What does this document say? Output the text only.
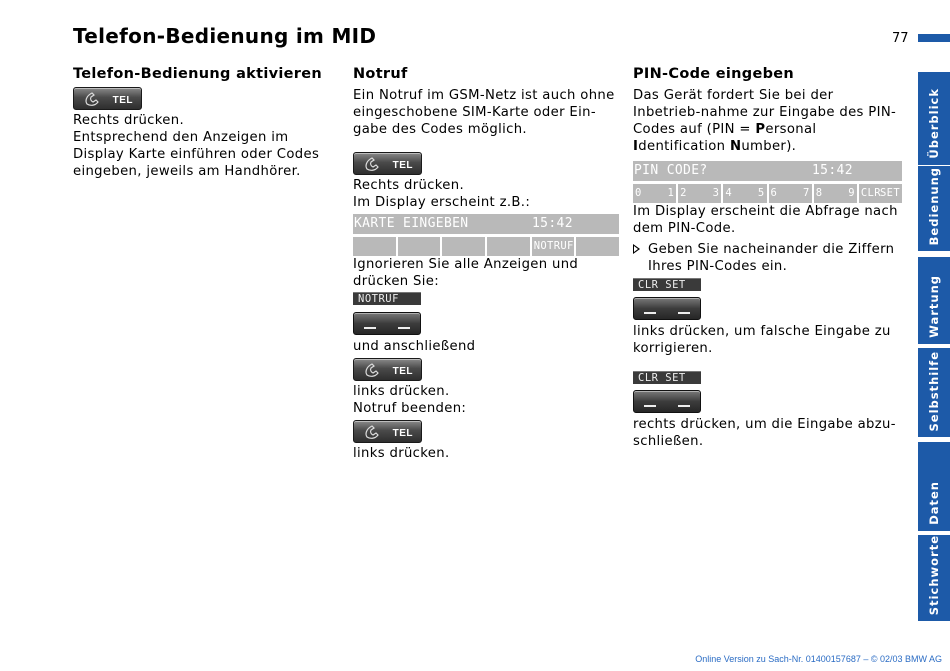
Telefon-Bedienung im MID	77
Telefon-Bedienung aktivieren
TEL

Rechts drücken.

Entsprechend den Anzeigen im Display Karte einführen oder Codes eingeben, jeweils am Handhörer.

Notruf

Ein Notruf im GSM-Netz ist auch ohne eingeschobene SIM-Karte oder Ein-gabe des Codes möglich.

TEL

Rechts drücken.

Im Display erscheint z.B.:

KARTE EINGEBEN	15:42
NOTRUF

Ignorieren Sie alle Anzeigen und drücken Sie:

NOTRUF

und anschließend

TEL

links drücken.

Notruf beenden:

TEL

links drücken.

PIN-Code eingeben

Das Gerät fordert Sie bei der Inbetrieb-nahme zur Eingabe des PIN-Codes auf (PIN = Personal Identification Number).

PIN CODE?	15:42
0 1 2 3 4 5 6 7 8 9 CLR SET

Im Display erscheint die Abfrage nach dem PIN-Code.

Geben Sie nacheinander die Ziffern Ihres PIN-Codes ein.
CLR SET

links drücken, um falsche Eingabe zu korrigieren.

CLR SET

rechts drücken, um die Eingabe abzu-schließen.

Überblick
Bedienung
Wartung
Selbsthilfe
Daten
Stichworte
Online Version zu Sach-Nr. 01400157687 – © 02/03 BMW AG
